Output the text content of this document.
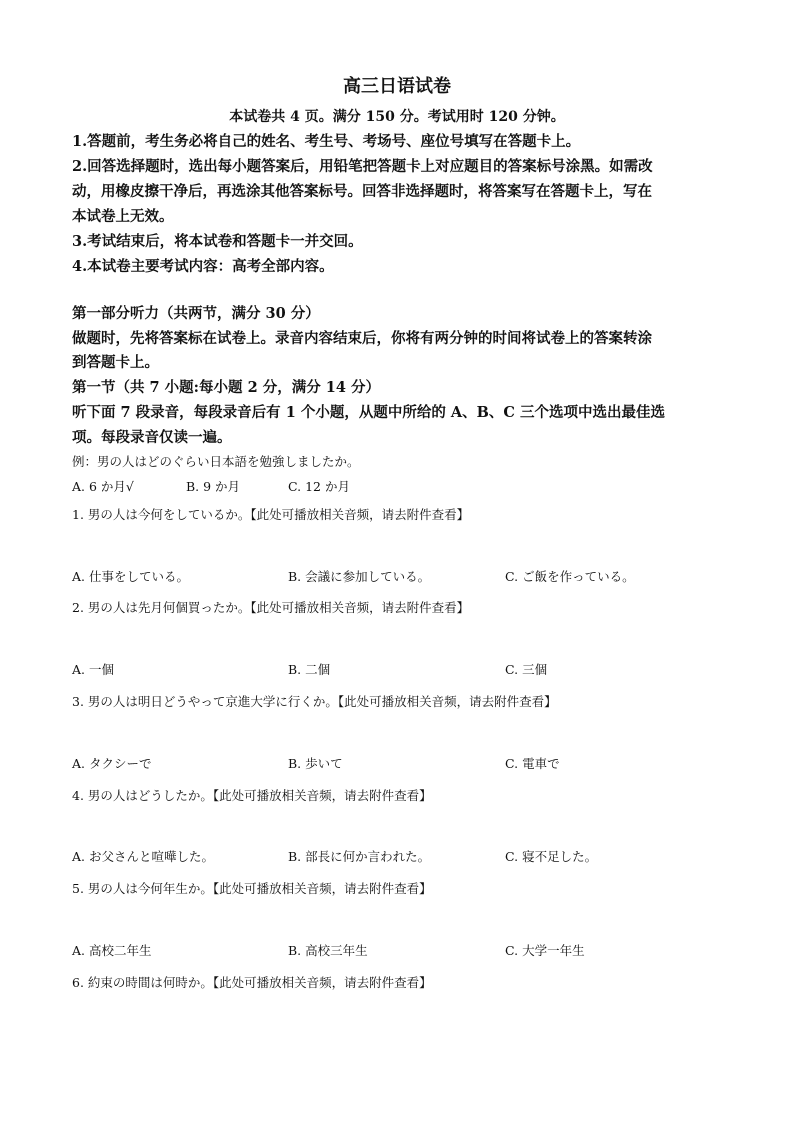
高三日语试卷
本试卷共 4 页。满分 150 分。考试用时 120 分钟。
1.答题前，考生务必将自己的姓名、考生号、考场号、座位号填写在答题卡上。
2.回答选择题时，选出每小题答案后，用铅笔把答题卡上对应题目的答案标号涂黑。如需改
动，用橡皮擦干净后，再选涂其他答案标号。回答非选择题时，将答案写在答题卡上，写在
本试卷上无效。
3.考试结束后，将本试卷和答题卡一并交回。
4.本试卷主要考试内容：高考全部内容。
第一部分听力（共两节，满分 30 分）
做题时，先将答案标在试卷上。录音内容结束后，你将有两分钟的时间将试卷上的答案转涂
到答题卡上。
第一节（共 7 小题:每小题 2 分，满分 14 分）
听下面 7 段录音，每段录音后有 1 个小题，从题中所给的 A、B、C 三个选项中选出最佳选
项。每段录音仅读一遍。
例：男の人はどのぐらい日本語を勉強しましたか。
A. 6 か月√	B. 9 か月	C. 12 か月
1. 男の人は今何をしているか。【此处可播放相关音频，请去附件查看】
A. 仕事をしている。	B. 会議に参加している。	C. ご飯を作っている。
2. 男の人は先月何個買ったか。【此处可播放相关音频，请去附件查看】
A. 一個	B. 二個	C. 三個
3. 男の人は明日どうやって京進大学に行くか。【此处可播放相关音频，请去附件查看】
A. タクシーで	B. 歩いて	C. 電車で
4. 男の人はどうしたか。【此处可播放相关音频，请去附件查看】
A. お父さんと喧嘩した。	B. 部長に何か言われた。	C. 寝不足した。
5. 男の人は今何年生か。【此处可播放相关音频，请去附件查看】
A. 高校二年生	B. 高校三年生	C. 大学一年生
6. 約束の時間は何時か。【此处可播放相关音频，请去附件查看】
